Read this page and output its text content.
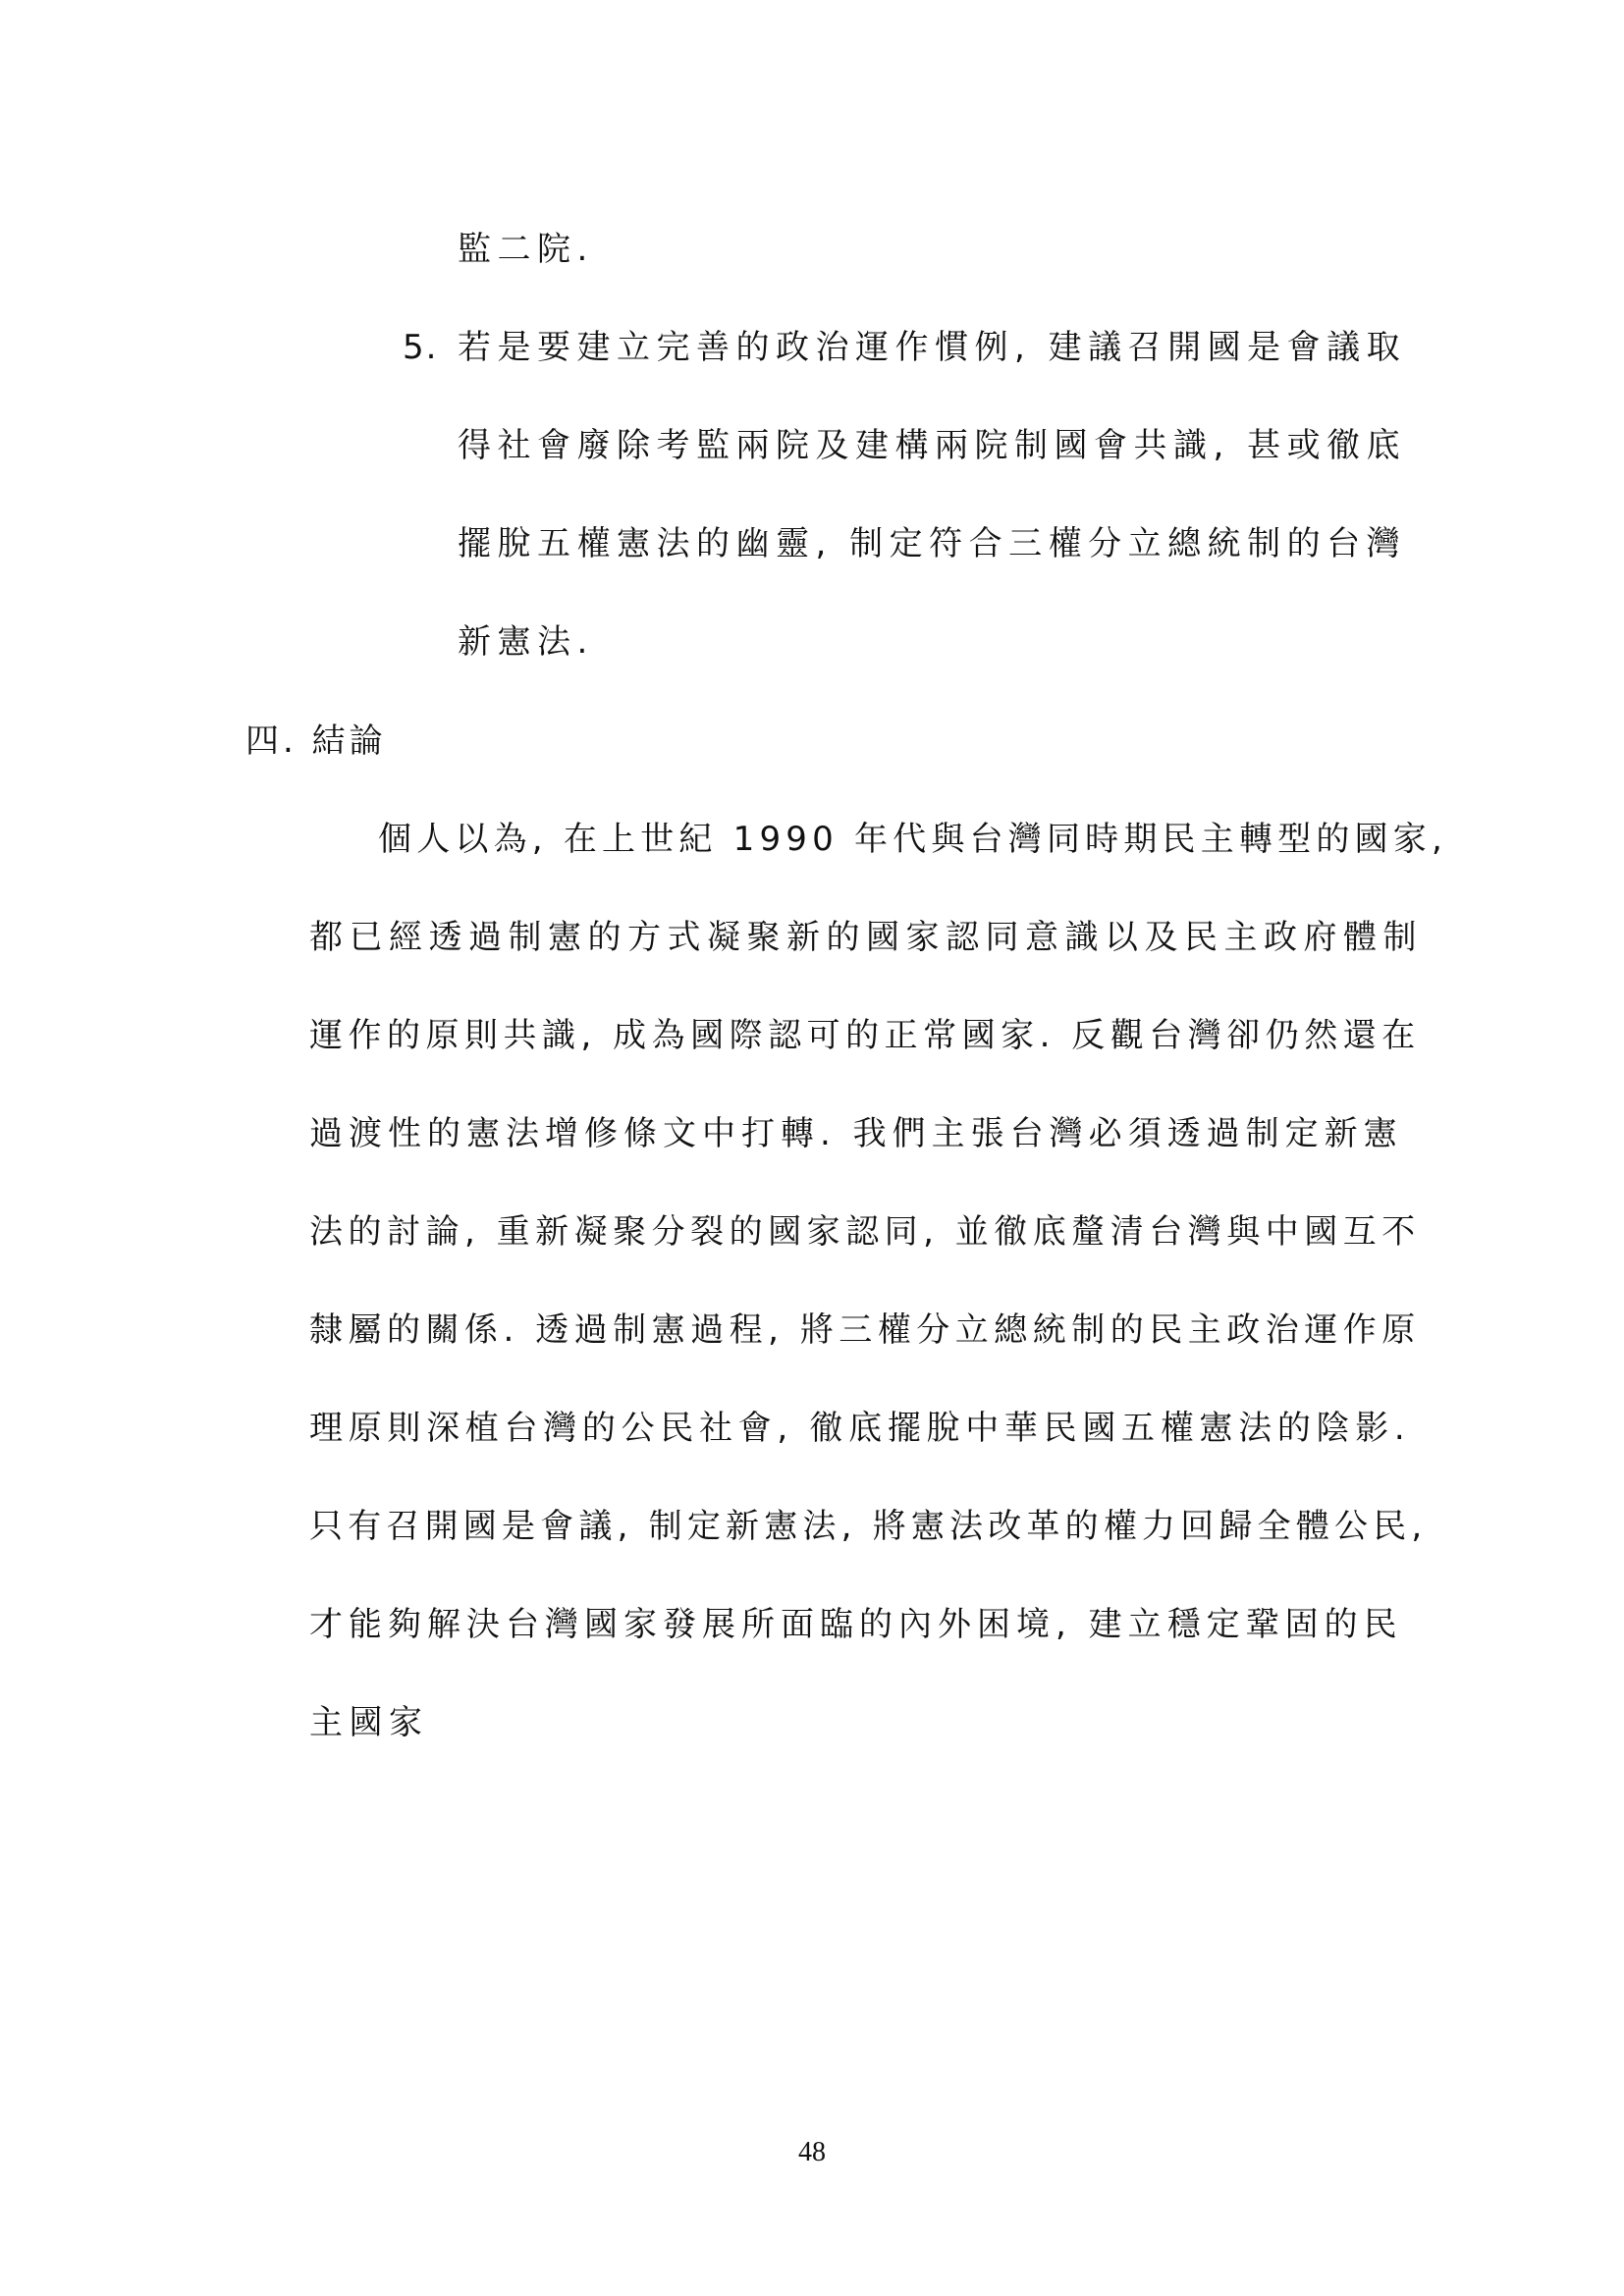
監二院.

5. 若是要建立完善的政治運作慣例, 建議召開國是會議取

得社會廢除考監兩院及建構兩院制國會共識, 甚或徹底

擺脫五權憲法的幽靈, 制定符合三權分立總統制的台灣

新憲法.

四. 結論

個人以為, 在上世紀 1990 年代與台灣同時期民主轉型的國家,

都已經透過制憲的方式凝聚新的國家認同意識以及民主政府體制

運作的原則共識, 成為國際認可的正常國家. 反觀台灣卻仍然還在

過渡性的憲法增修條文中打轉. 我們主張台灣必須透過制定新憲

法的討論, 重新凝聚分裂的國家認同, 並徹底釐清台灣與中國互不

隸屬的關係. 透過制憲過程, 將三權分立總統制的民主政治運作原

理原則深植台灣的公民社會, 徹底擺脫中華民國五權憲法的陰影.

只有召開國是會議, 制定新憲法, 將憲法改革的權力回歸全體公民,

才能夠解決台灣國家發展所面臨的內外困境, 建立穩定鞏固的民

主國家

48
